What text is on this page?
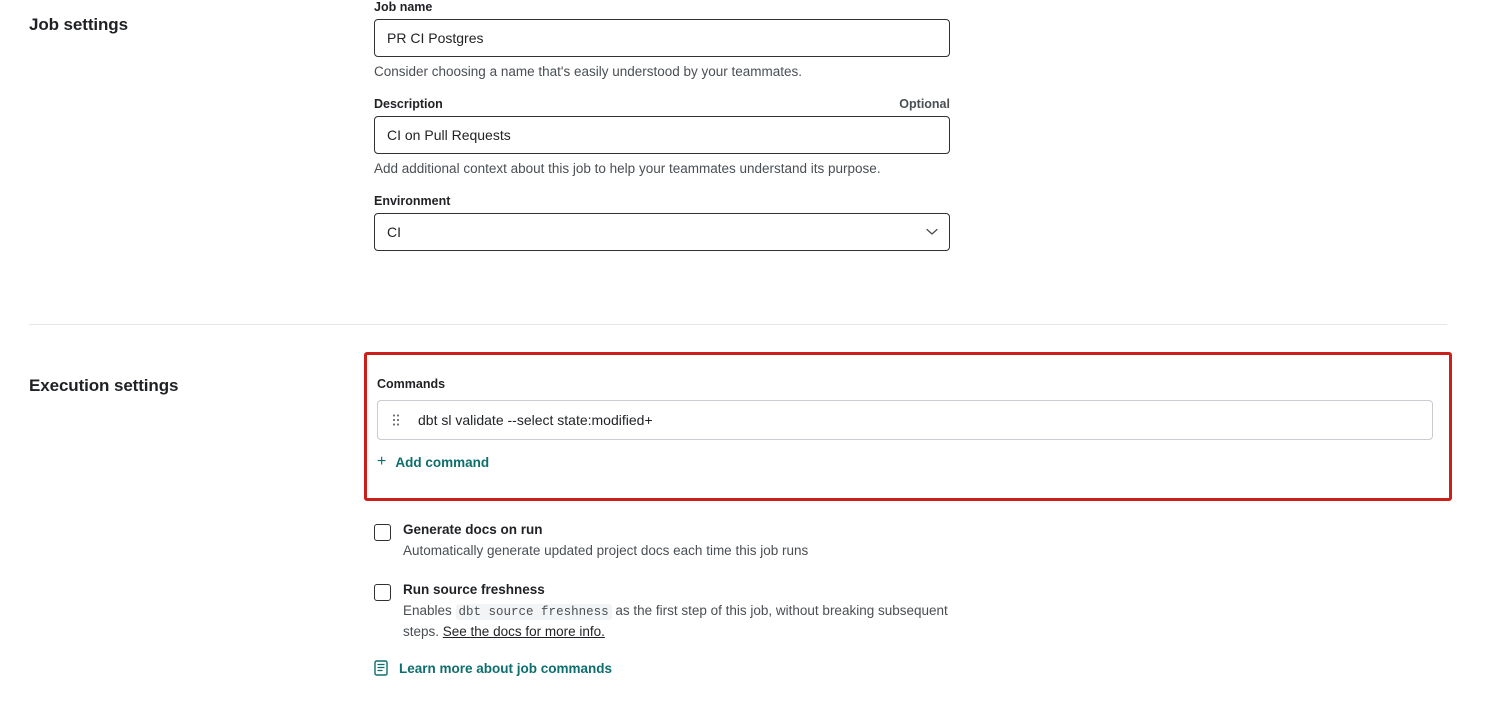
Job settings
Job name
PR CI Postgres
Consider choosing a name that's easily understood by your teammates.
Description	Optional
CI on Pull Requests
Add additional context about this job to help your teammates understand its purpose.
Environment
CI
Execution settings	Commands
dbt sl validate --select state:modified+
+ Add command
Generate docs on run
Automatically generate updated project docs each time this job runs
Run source freshness
Enables dbt source freshness as the first step of this job, without breaking subsequent steps. See the docs for more info.
Learn more about job commands
